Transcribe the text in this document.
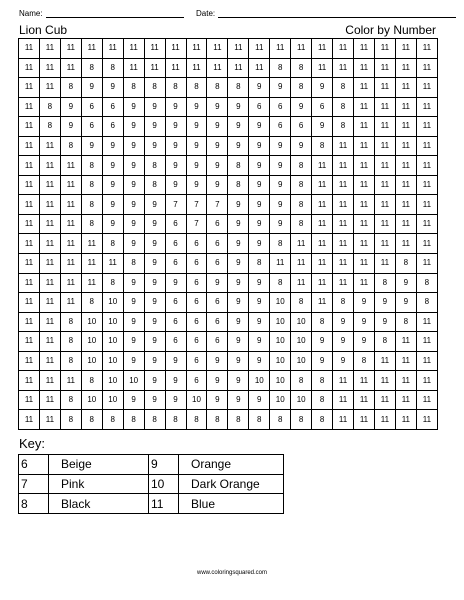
Name:	Date:
Lion Cub	Color by Number
11	11	11	11	11	11	11	11	11	11	11	11	11	11	11	11	11	11	11	11
11	11	11	8	8	11	11	11	11	11	11	11	8	8	11	11	11	11	11	11
11	11	8	9	9	8	8	8	8	8	8	9	9	8	9	8	11	11	11	11
11	8	9	6	6	9	9	9	9	9	9	6	6	9	6	8	11	11	11	11
11	8	9	6	6	9	9	9	9	9	9	9	6	6	9	8	11	11	11	11
11	11	8	9	9	9	9	9	9	9	9	9	9	9	8	11	11	11	11	11
11	11	11	8	9	9	8	9	9	9	8	9	9	8	11	11	11	11	11	11
11	11	11	8	9	9	8	9	9	9	8	9	9	8	11	11	11	11	11	11
11	11	11	8	9	9	9	7	7	7	9	9	9	8	11	11	11	11	11	11
11	11	11	8	9	9	9	6	7	6	9	9	9	8	11	11	11	11	11	11
11	11	11	11	8	9	9	6	6	6	9	9	8	11	11	11	11	11	11	11
11	11	11	11	11	8	9	6	6	6	9	8	11	11	11	11	11	11	8	11
11	11	11	11	8	9	9	9	6	9	9	9	8	11	11	11	11	8	9	8
11	11	11	8	10	9	9	6	6	6	9	9	10	8	11	8	9	9	9	8
11	11	8	10	10	9	9	6	6	6	9	9	10	10	8	9	9	9	8	11
11	11	8	10	10	9	9	6	6	6	9	9	10	10	9	9	9	8	11	11
11	11	8	10	10	9	9	9	6	9	9	9	10	10	9	9	8	11	11	11
11	11	11	8	10	10	9	9	6	9	9	10	10	8	8	11	11	11	11	11
11	11	8	10	10	9	9	9	10	9	9	9	10	10	8	11	11	11	11	11
11	11	8	8	8	8	8	8	8	8	8	8	8	8	8	11	11	11	11	11
Key:
6	Beige	9	Orange
7	Pink	10	Dark Orange
8	Black	11	Blue
www.coloringsquared.com
